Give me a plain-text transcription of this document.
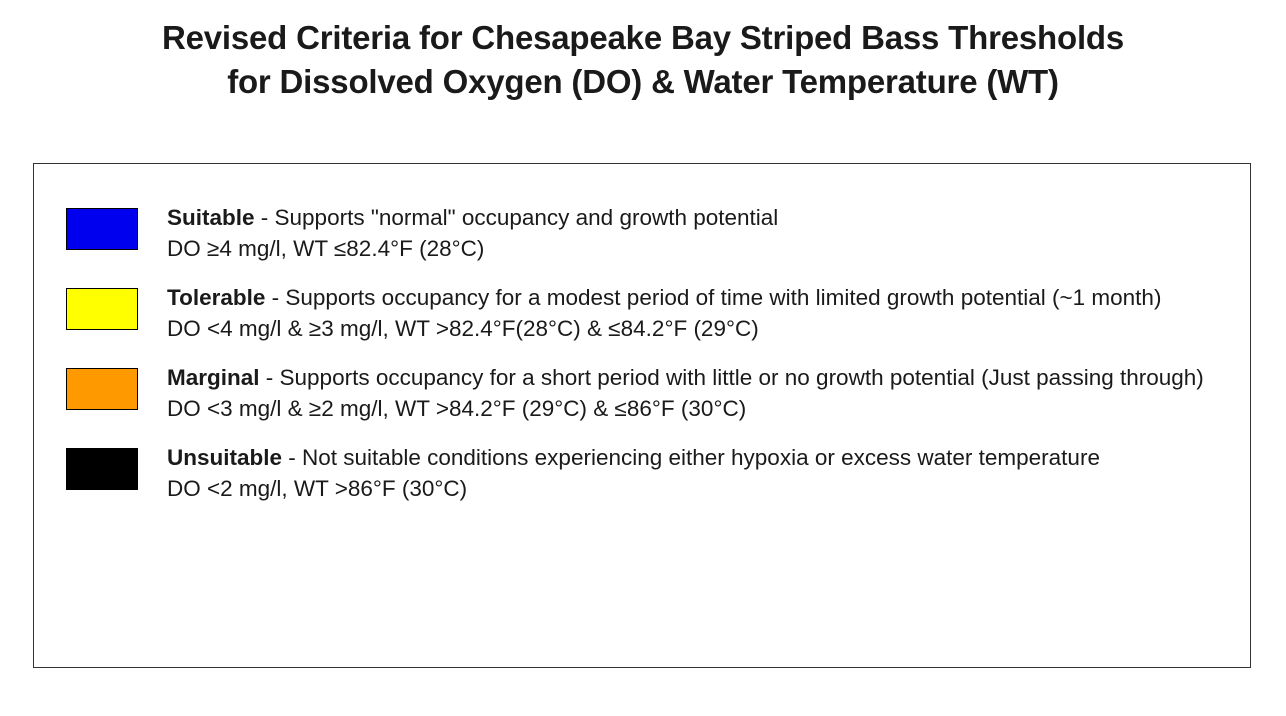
Revised Criteria for Chesapeake Bay Striped Bass Thresholds
for Dissolved Oxygen (DO) & Water Temperature (WT)
Suitable - Supports "normal" occupancy and growth potential
DO ≥4 mg/l, WT ≤82.4°F (28°C)
Tolerable - Supports occupancy for a modest period of time with limited growth potential (~1 month)
DO <4 mg/l & ≥3 mg/l, WT >82.4°F(28°C) & ≤84.2°F (29°C)
Marginal - Supports occupancy for a short period with little or no growth potential (Just passing through)
DO <3 mg/l & ≥2 mg/l, WT >84.2°F (29°C) & ≤86°F (30°C)
Unsuitable - Not suitable conditions experiencing either hypoxia or excess water temperature
DO <2 mg/l, WT >86°F (30°C)
